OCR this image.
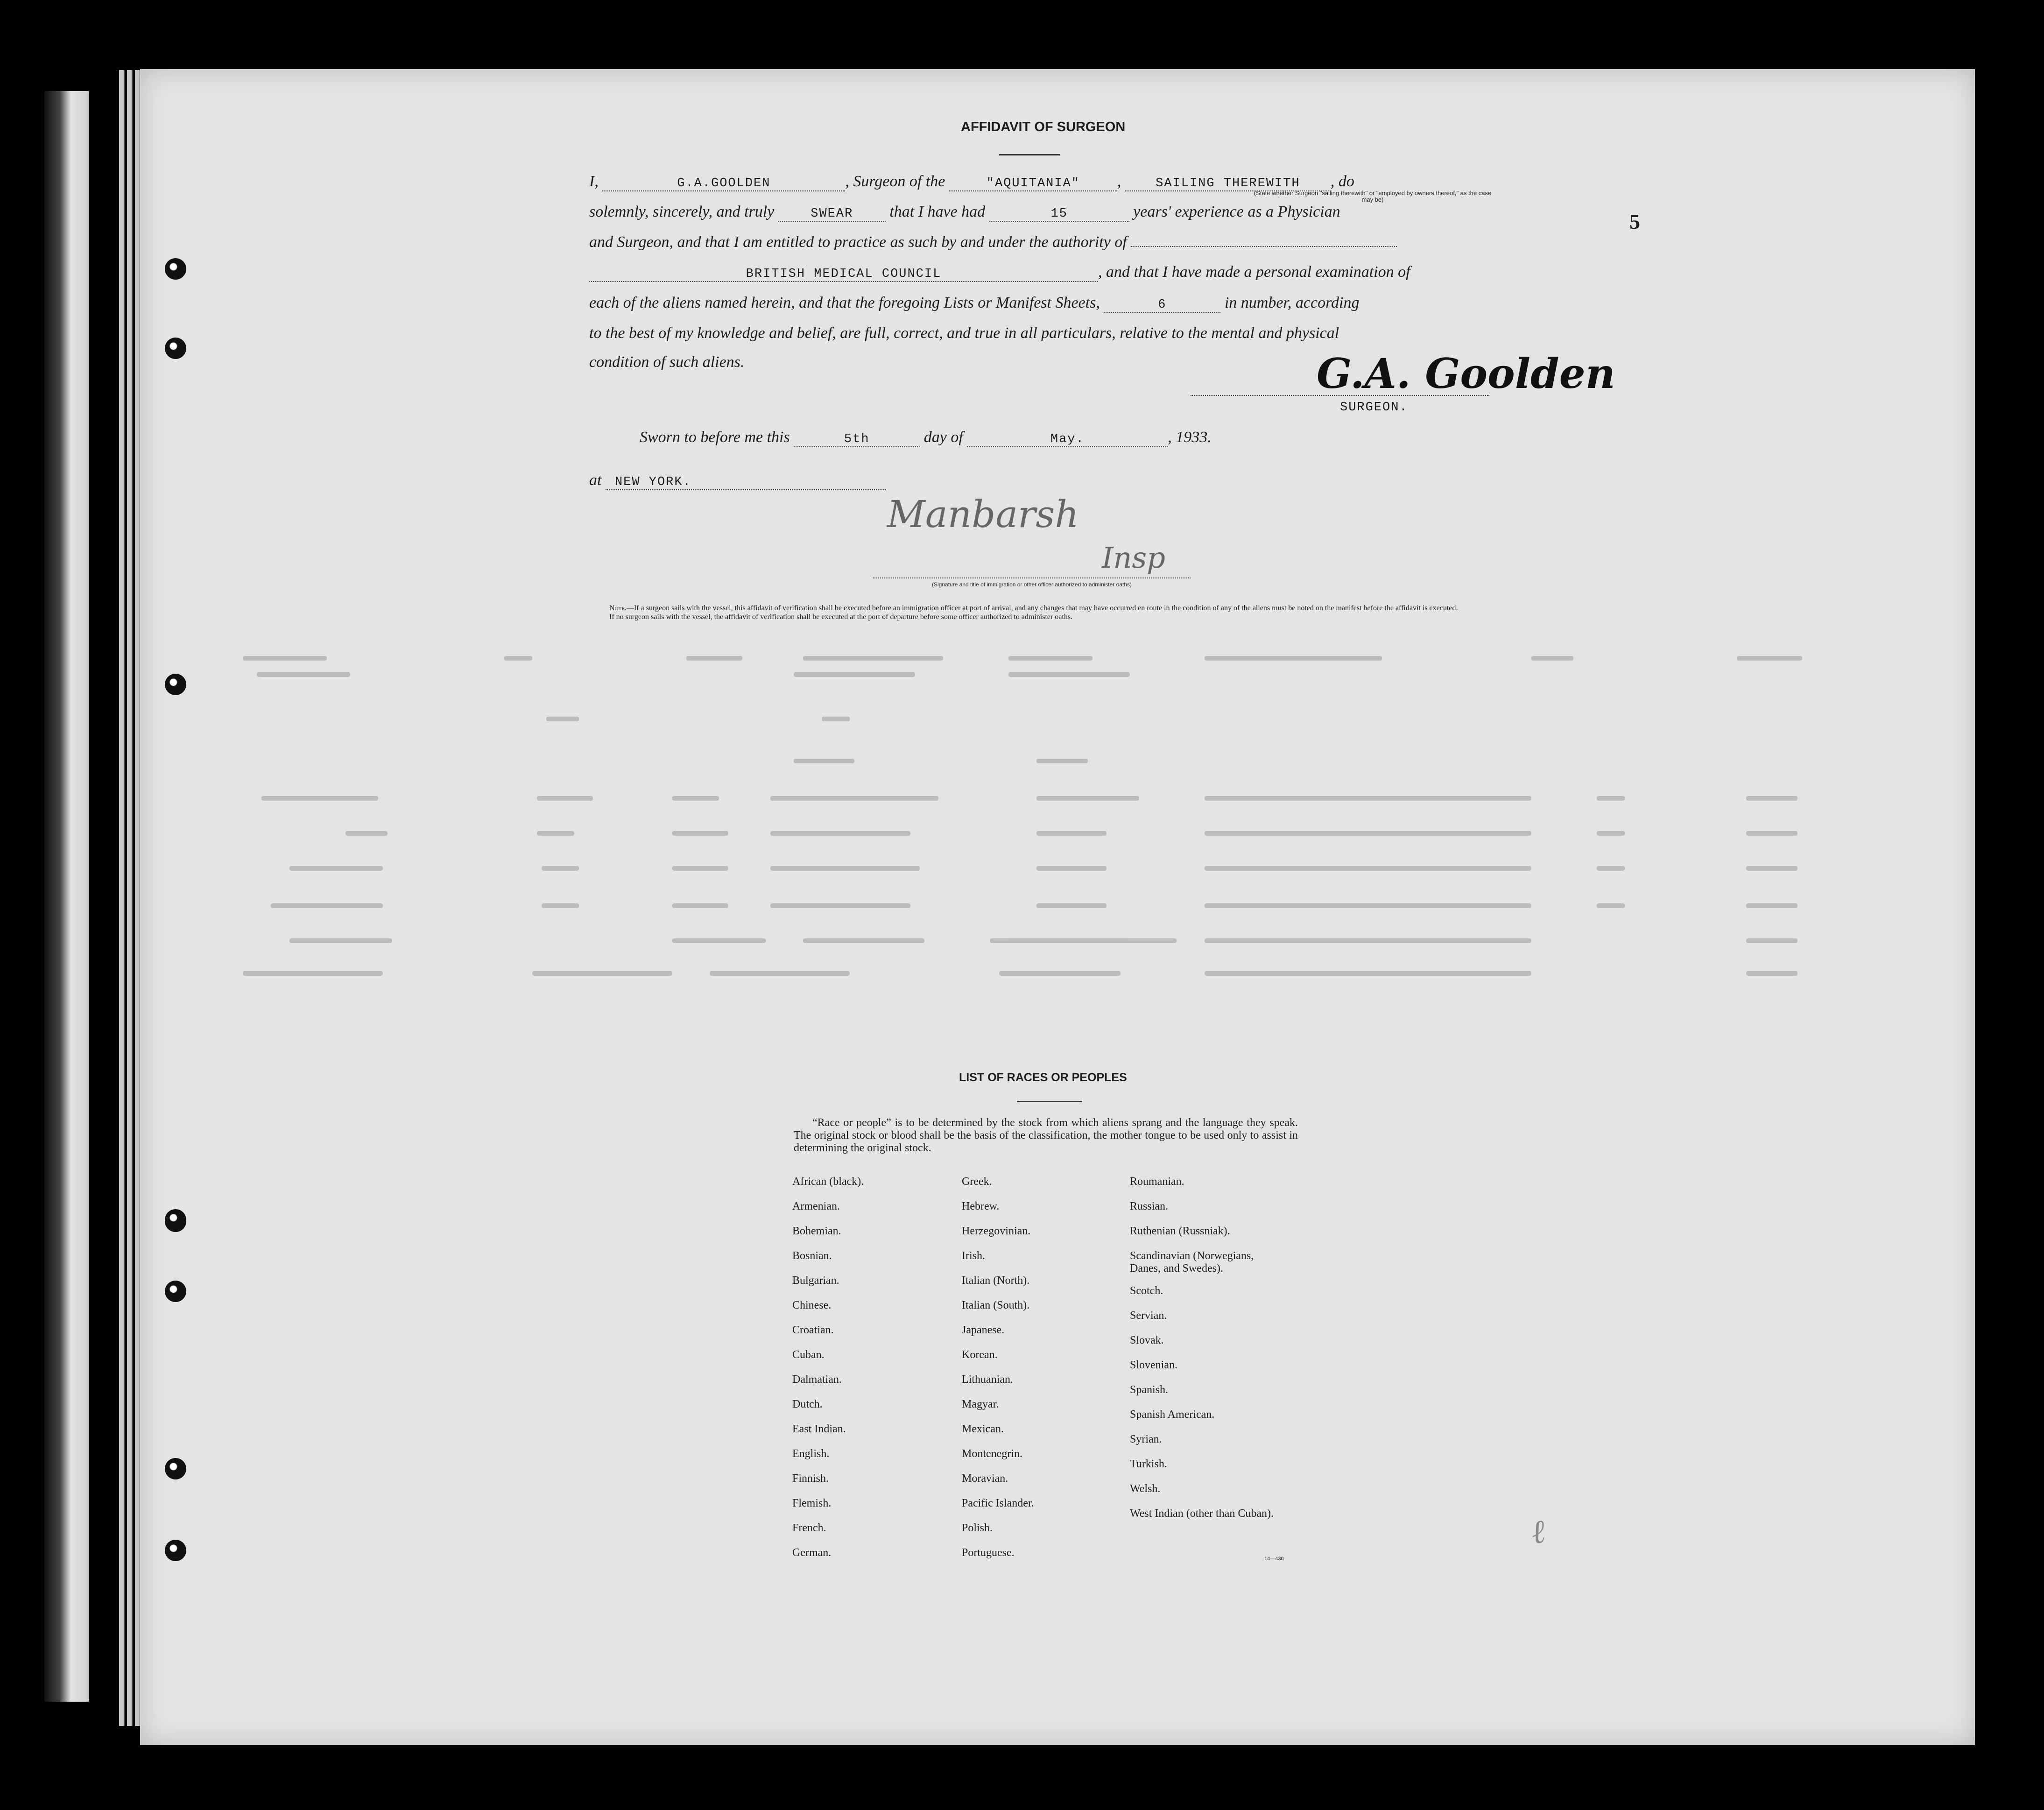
5
AFFIDAVIT OF SURGEON
I,	G.A.GOOLDEN	, Surgeon of the	"AQUITANIA" , SAILING THEREWITH , do
(State whether Surgeon "sailing therewith" or "employed by owners thereof," as the case may be)
solemnly, sincerely, and truly	SWEAR that I have had	15	years' experience as a Physician
and Surgeon, and that I am entitled to practice as such by and under the authority of
BRITISH MEDICAL COUNCIL	, and that I have made a personal examination of
each of the aliens named herein, and that the foregoing Lists or Manifest Sheets,	6	in number, according
to the best of my knowledge and belief, are full, correct, and true in all particulars, relative to the mental and physical
condition of such aliens.	G.A. Goolden
SURGEON.
Sworn to before me this	5th	day of	May.	, 1933.
at NEW YORK.
Manbarsh
Insp
(Signature and title of immigration or other officer authorized to administer oaths)
Note.—If a surgeon sails with the vessel, this affidavit of verification shall be executed before an immigration officer at port of arrival, and any changes that may have occurred en route in the condition of any of the aliens must be noted on the manifest before the affidavit is executed.
If no surgeon sails with the vessel, the affidavit of verification shall be executed at the port of departure before some officer authorized to administer oaths.
LIST OF RACES OR PEOPLES

“Race or people” is to be determined by the stock from which aliens sprang and the language they speak. The original stock or blood shall be the basis of the classification, the mother tongue to be used only to assist in determining the original stock.

African (black).
Armenian.
Bohemian.
Bosnian.
Bulgarian.
Chinese.
Croatian.
Cuban.
Dalmatian.
Dutch.
East Indian.
English.
Finnish.
Flemish.
French.
German.
Greek.
Hebrew.
Herzegovinian.
Irish.
Italian (North).
Italian (South).
Japanese.
Korean.
Lithuanian.
Magyar.
Mexican.
Montenegrin.
Moravian.
Pacific Islander.
Polish.
Portuguese.
Roumanian.
Russian.
Ruthenian (Russniak).
Scandinavian (Norwegians, Danes, and Swedes).
Scotch.
Servian.
Slovak.
Slovenian.
Spanish.
Spanish American.
Syrian.
Turkish.
Welsh.
West Indian (other than Cuban).
14—430
ℓ
